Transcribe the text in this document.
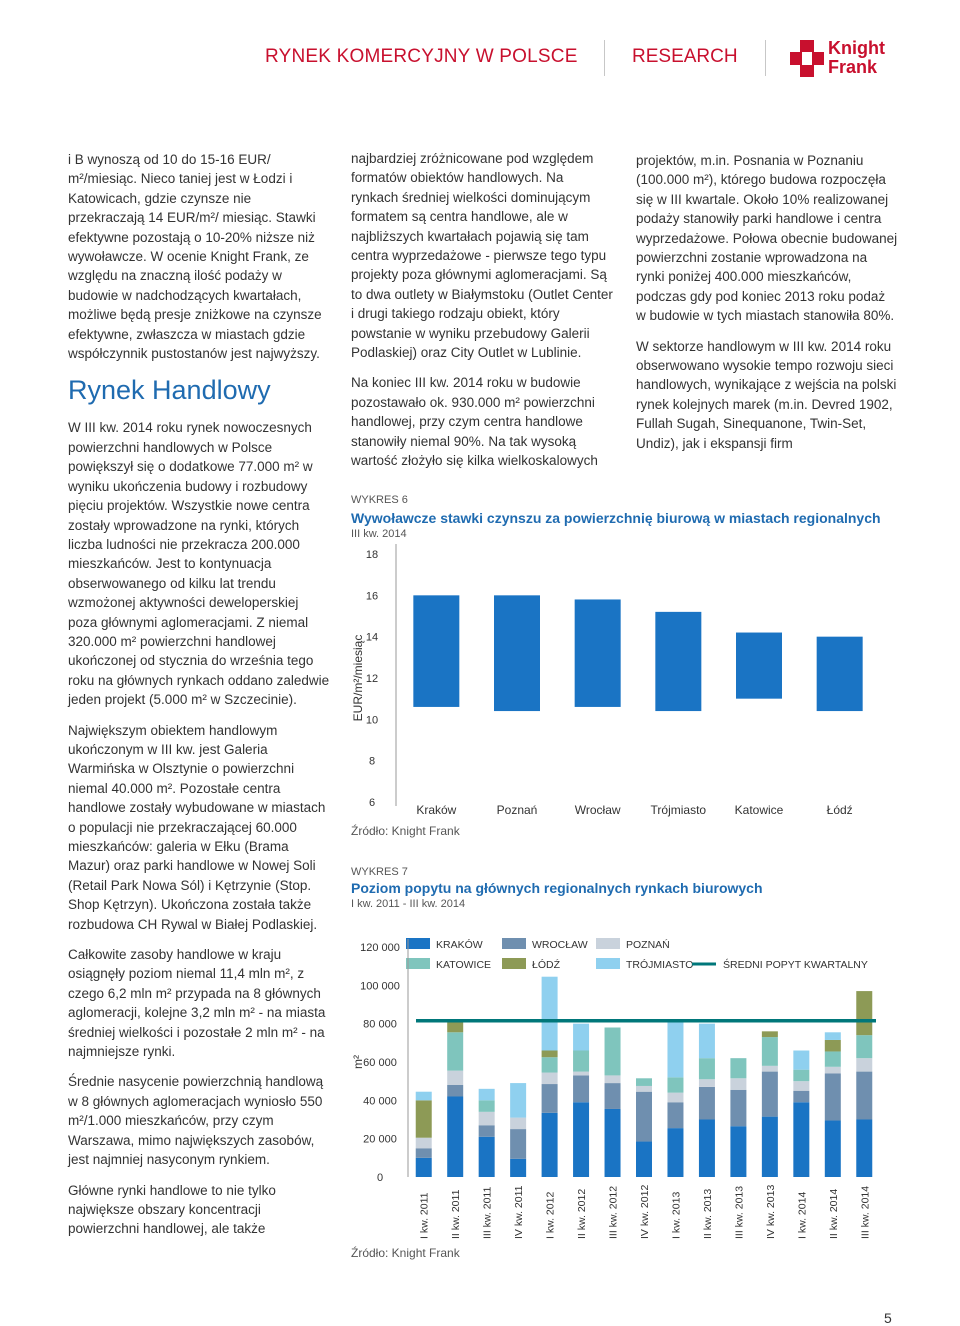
RYNEK KOMERCYJNY W POLSCE	RESEARCH	Knight
Frank

i B wynoszą od 10 do 15-16 EUR/ m²/miesiąc. Nieco taniej jest w Łodzi i Katowicach, gdzie czynsze nie przekraczają 14 EUR/m²/ miesiąc. Stawki efektywne pozostają o 10-20% niższe niż wywoławcze. W ocenie Knight Frank, ze względu na znaczną ilość podaży w budowie w nadchodzących kwartałach, możliwe będą presje zniżkowe na czynsze efektywne, zwłaszcza w miastach gdzie współczynnik pustostanów jest najwyższy.

Rynek Handlowy

W III kw. 2014 roku rynek nowoczesnych powierzchni handlowych w Polsce powiększył się o dodatkowe 77.000 m² w wyniku ukończenia budowy i rozbudowy pięciu projektów. Wszystkie nowe centra zostały wprowadzone na rynki, których liczba ludności nie przekracza 200.000 mieszkańców. Jest to kontynuacja obserwowanego od kilku lat trendu wzmożonej aktywności deweloperskiej poza głównymi aglomeracjami. Z niemal 320.000 m² powierzchni handlowej ukończonej od stycznia do września tego roku na głównych rynkach oddano zaledwie jeden projekt (5.000 m² w Szczecinie).

Największym obiektem handlowym ukończonym w III kw. jest Galeria Warmińska w Olsztynie o powierzchni niemal 40.000 m². Pozostałe centra handlowe zostały wybudowane w miastach o populacji nie przekraczającej 60.000 mieszkańców: galeria w Ełku (Brama Mazur) oraz parki handlowe w Nowej Soli (Retail Park Nowa Sól) i Kętrzynie (Stop. Shop Kętrzyn). Ukończona została także rozbudowa CH Rywal w Białej Podlaskiej.

Całkowite zasoby handlowe w kraju osiągnęły poziom niemal 11,4 mln m², z czego 6,2 mln m² przypada na 8 głównych aglomeracji, kolejne 3,2 mln m² - na miasta średniej wielkości i pozostałe 2 mln m² - na najmniejsze rynki.

Średnie nasycenie powierzchnią handlową w 8 głównych aglomeracjach wyniosło 550 m²/1.000 mieszkańców, przy czym Warszawa, mimo największych zasobów, jest najmniej nasyconym rynkiem.

Główne rynki handlowe to nie tylko największe obszary koncentracji powierzchni handlowej, ale także

najbardziej zróżnicowane pod względem formatów obiektów handlowych. Na rynkach średniej wielkości dominującym formatem są centra handlowe, ale w najbliższych kwartałach pojawią się tam centra wyprzedażowe - pierwsze tego typu projekty poza głównymi aglomeracjami. Są to dwa outlety w Białymstoku (Outlet Center i drugi takiego rodzaju obiekt, który powstanie w wyniku przebudowy Galerii Podlaskiej) oraz City Outlet w Lublinie.

Na koniec III kw. 2014 roku w budowie pozostawało ok. 930.000 m² powierzchni handlowej, przy czym centra handlowe stanowiły niemal 90%. Na tak wysoką wartość złożyło się kilka wielkoskalowych

projektów, m.in. Posnania w Poznaniu (100.000 m²), którego budowa rozpoczęła się w III kwartale. Około 10% realizowanej podaży stanowiły parki handlowe i centra wyprzedażowe. Połowa obecnie budowanej powierzchni zostanie wprowadzona na rynki poniżej 400.000 mieszkańców, podczas gdy pod koniec 2013 roku podaż w budowie w tych miastach stanowiła 80%.

W sektorze handlowym w III kw. 2014 roku obserwowano wysokie tempo rozwoju sieci handlowych, wynikające z wejścia na polski rynek kolejnych marek (m.in. Devred 1902, Fullah Sugah, Sinequanone, Twin-Set, Undiz), jak i ekspansji firm

WYKRES 6
Wywoławcze stawki czynszu za powierzchnię biurową w miastach regionalnych
III kw. 2014
6
8
10
12
14
16
18
EUR/m²/miesiąc
Kraków	Poznań	Wrocław Trójmiasto Katowice	Łódź
Źródło: Knight Frank
WYKRES 7
Poziom popytu na głównych regionalnych rynkach biurowych
I kw. 2011 - III kw. 2014
KRAKÓW	WROCŁAW	POZNAŃ
KATOWICE	ŁÓDŹ	TRÓJMIASTO	ŚREDNI POPYT KWARTALNY
0
20 000
40 000
60 000
80 000
100 000
120 000
m²
I kw. 2011 II kw. 2011 III kw. 2011 IV kw. 2011 I kw. 2012 II kw. 2012 III kw. 2012 IV kw. 2012 I kw. 2013 II kw. 2013 III kw. 2013 IV kw. 2013 I kw. 2014 II kw. 2014 III kw. 2014
Źródło: Knight Frank
5
